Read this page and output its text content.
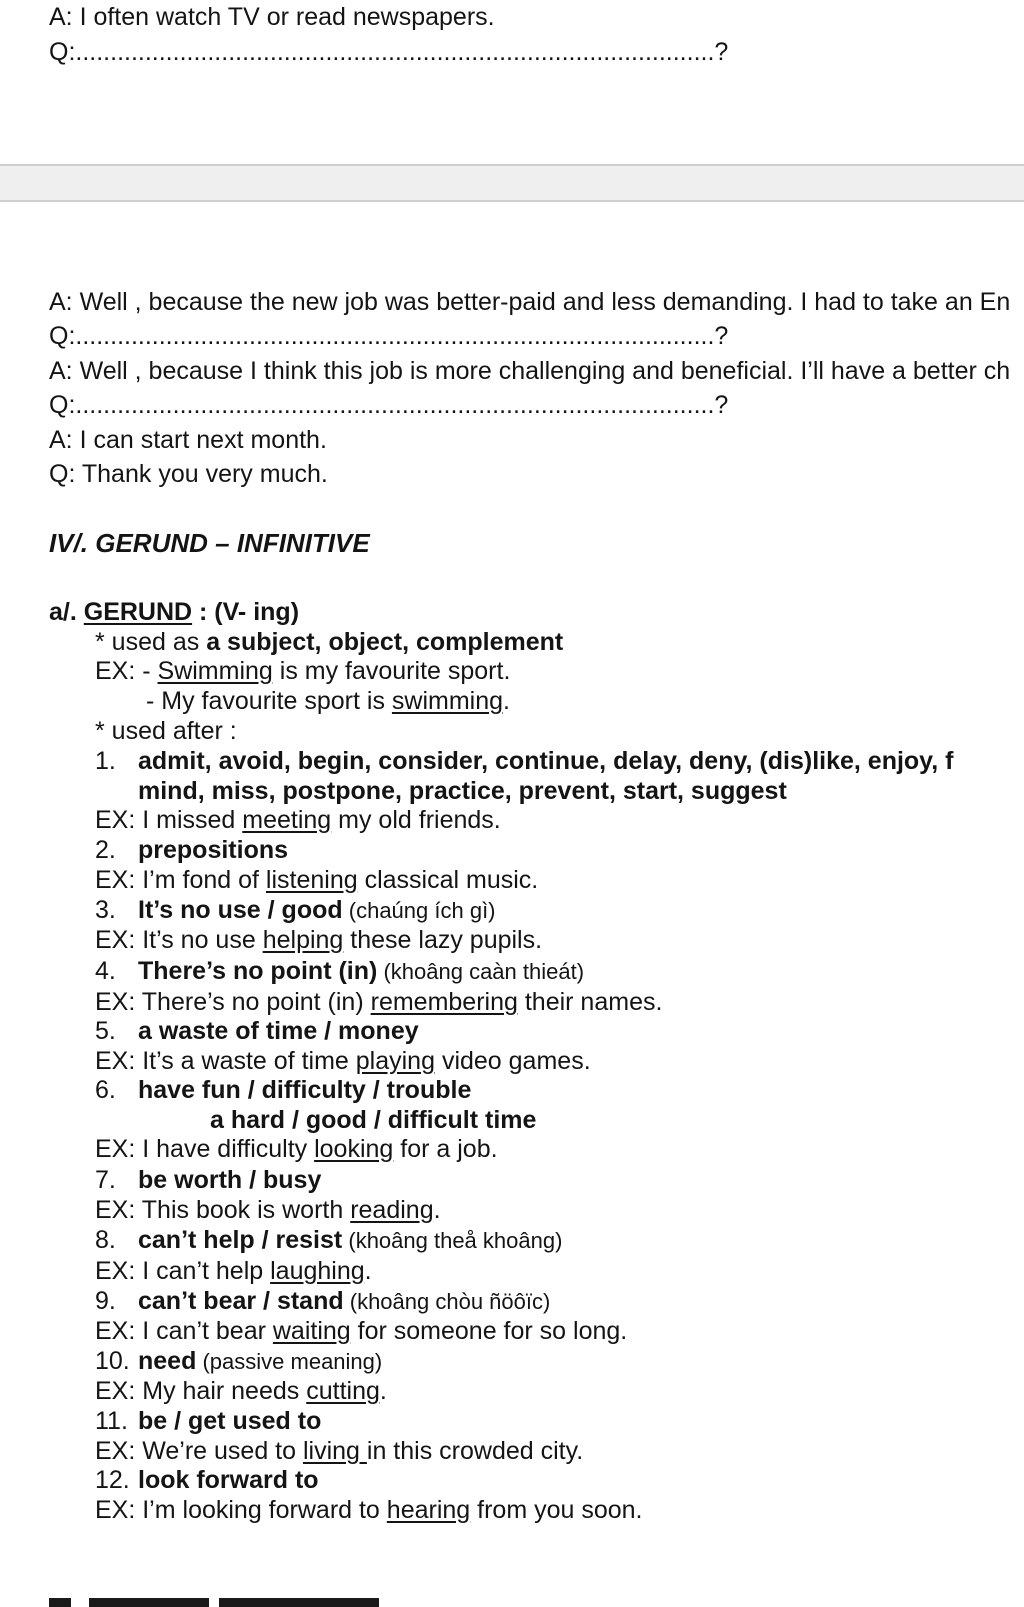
A: I often watch TV or read newspapers.
Q:............................................................................................?
A: Well , because the new job was better-paid and less demanding. I had to take an En
Q:............................................................................................?
A: Well , because I think this job is more challenging and beneficial. I’ll have a better ch
Q:............................................................................................?
A: I can start next month.
Q: Thank you very much.
IV/. GERUND – INFINITIVE
a/. GERUND : (V- ing)
* used as a subject, object, complement
EX: - Swimming is my favourite sport.
- My favourite sport is swimming.
* used after :
1. admit, avoid, begin, consider, continue, delay, deny, (dis)like, enjoy, f
mind, miss, postpone, practice, prevent, start, suggest
EX: I missed meeting my old friends.
2. prepositions
EX: I’m fond of listening classical music.
3. It’s no use / good (chaúng ích gì)
EX: It’s no use helping these lazy pupils.
4. There’s no point (in) (khoâng caàn thieát)
EX: There’s no point (in) remembering their names.
5. a waste of time / money
EX: It’s a waste of time playing video games.
6. have fun / difficulty / trouble
a hard / good / difficult time
EX: I have difficulty looking for a job.
7. be worth / busy
EX: This book is worth reading.
8. can’t help / resist (khoâng theå khoâng)
EX: I can’t help laughing.
9. can’t bear / stand (khoâng chòu ñöôïc)
EX: I can’t bear waiting for someone for so long.
10. need (passive meaning)
EX: My hair needs cutting.
11. be / get used to
EX: We’re used to living in this crowded city.
12. look forward to
EX: I’m looking forward to hearing from you soon.
